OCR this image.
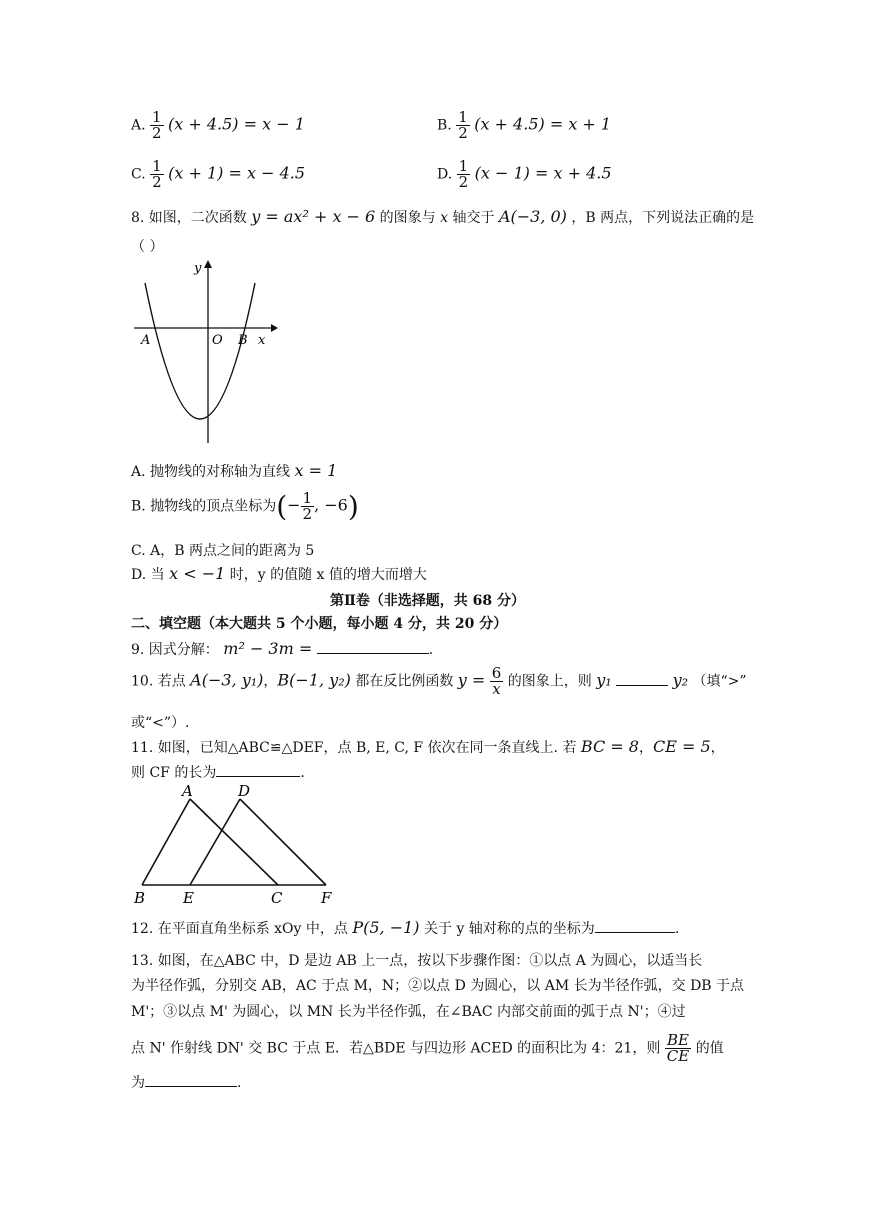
A. $\frac{1}{2} (x + 4.5) = x - 1$	B. $\frac{1}{2} (x + 4.5) = x + 1$
C. $\frac{1}{2} (x + 1) = x - 4.5$	D. $\frac{1}{2} (x - 1) = x + 4.5$
8. 如图，二次函数 y = ax² + x − 6 的图象与 x 轴交于 A(−3, 0) ，B 两点，下列说法正确的是
（ ）
y
x
A	O B
A. 抛物线的对称轴为直线 x = 1
B. 抛物线的顶点坐标为(− $\frac{1}{2}$ , −6)
C. A，B 两点之间的距离为 5
D. 当 x < −1 时，y 的值随 x 值的增大而增大
第Ⅱ卷（非选择题，共 68 分）
二、填空题（本大题共 5 个小题，每小题 4 分，共 20 分）
9. 因式分解： m² − 3m =	.
10. 若点 A(−3, y₁)，B(−1, y₂) 都在反比例函数 $y = \frac{6}{x}$ 的图象上，则 y₁	y₂ （填“>”
或“<”）.
11. 如图，已知△ABC≌△DEF，点 B, E, C, F 依次在同一条直线上. 若 BC = 8，CE = 5，
则 CF 的长为	.
A	D
B	E	C	F
12. 在平面直角坐标系 xOy 中，点 P(5, −1) 关于 y 轴对称的点的坐标为	.
13. 如图，在△ABC 中，D 是边 AB 上一点，按以下步骤作图：①以点 A 为圆心，以适当长
为半径作弧，分别交 AB，AC 于点 M，N；②以点 D 为圆心，以 AM 长为半径作弧，交 DB 于点
M'；③以点 M' 为圆心，以 MN 长为半径作弧，在∠BAC 内部交前面的弧于点 N'；④过
点 N' 作射线 DN' 交 BC 于点 E．若△BDE 与四边形 ACED 的面积比为 4：21，则 $\frac{BE}{CE}$ 的值
为	.
